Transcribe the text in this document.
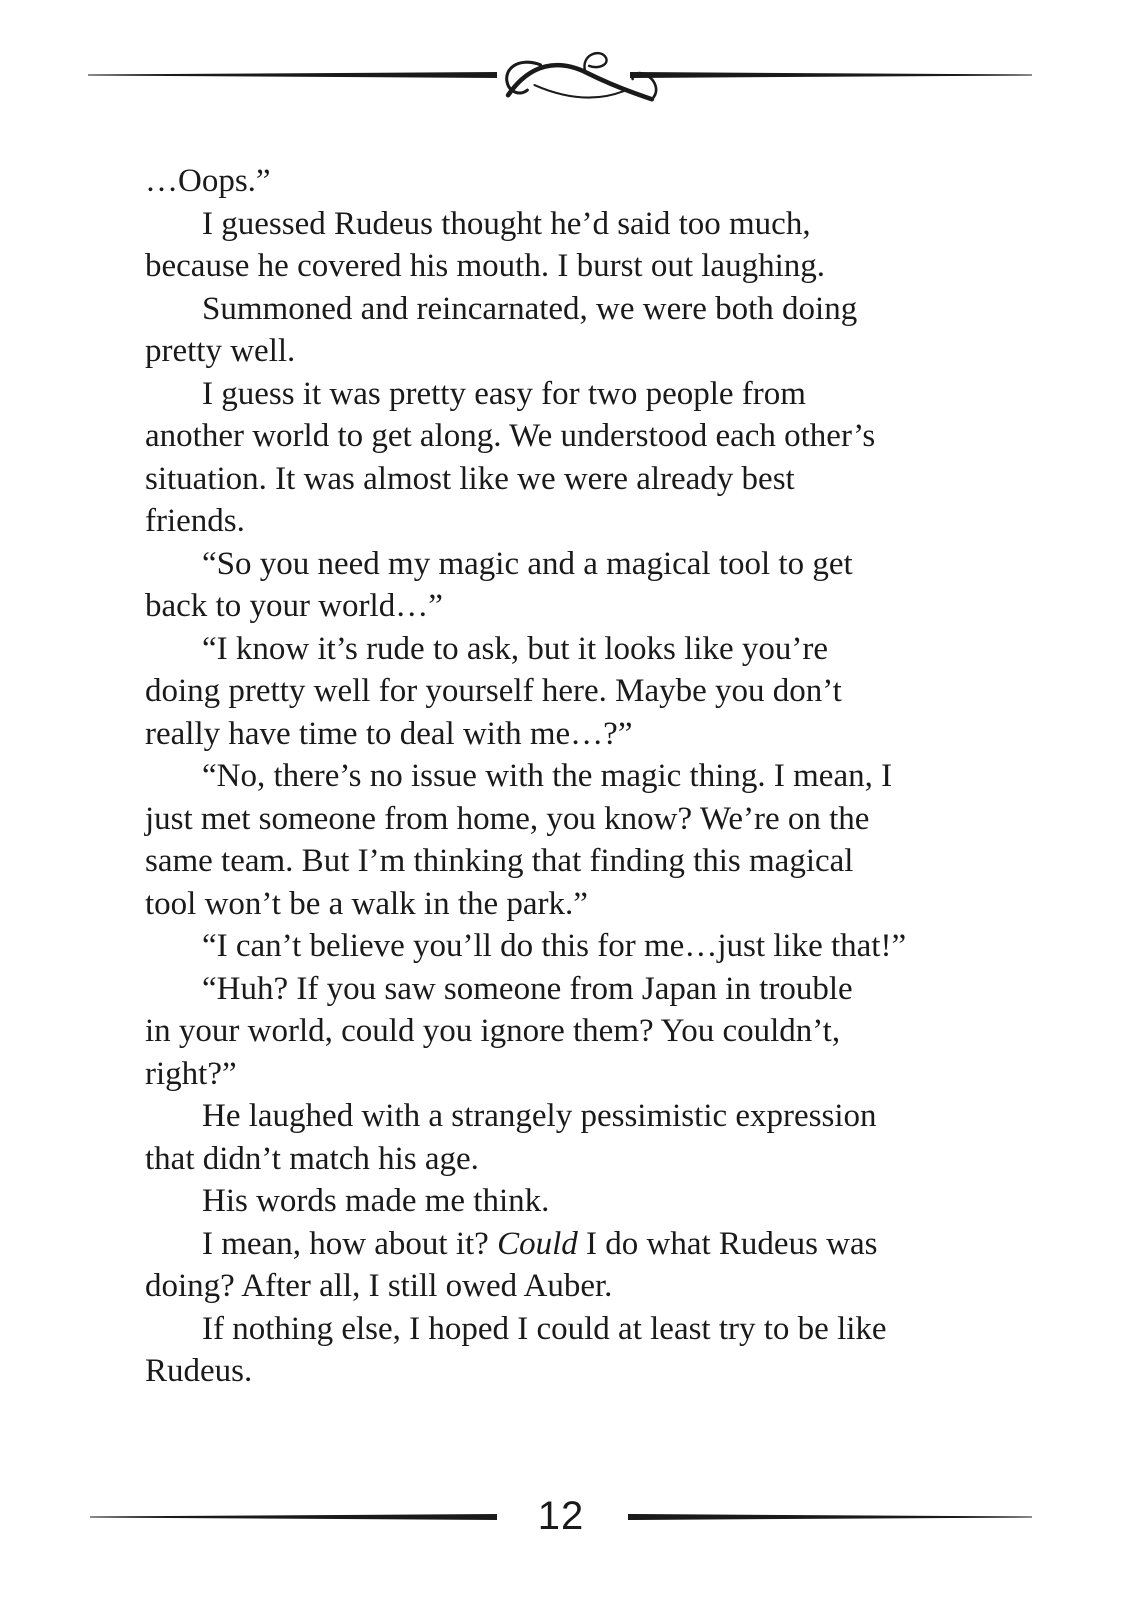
…Oops.”
I guessed Rudeus thought he’d said too much,
because he covered his mouth. I burst out laughing.
Summoned and reincarnated, we were both doing
pretty well.
I guess it was pretty easy for two people from
another world to get along. We understood each other’s
situation. It was almost like we were already best
friends.
“So you need my magic and a magical tool to get
back to your world…”
“I know it’s rude to ask, but it looks like you’re
doing pretty well for yourself here. Maybe you don’t
really have time to deal with me…?”
“No, there’s no issue with the magic thing. I mean, I
just met someone from home, you know? We’re on the
same team. But I’m thinking that finding this magical
tool won’t be a walk in the park.”
“I can’t believe you’ll do this for me…just like that!”
“Huh? If you saw someone from Japan in trouble
in your world, could you ignore them? You couldn’t,
right?”
He laughed with a strangely pessimistic expression
that didn’t match his age.
His words made me think.
I mean, how about it? Could I do what Rudeus was
doing? After all, I still owed Auber.
If nothing else, I hoped I could at least try to be like
Rudeus.
12
